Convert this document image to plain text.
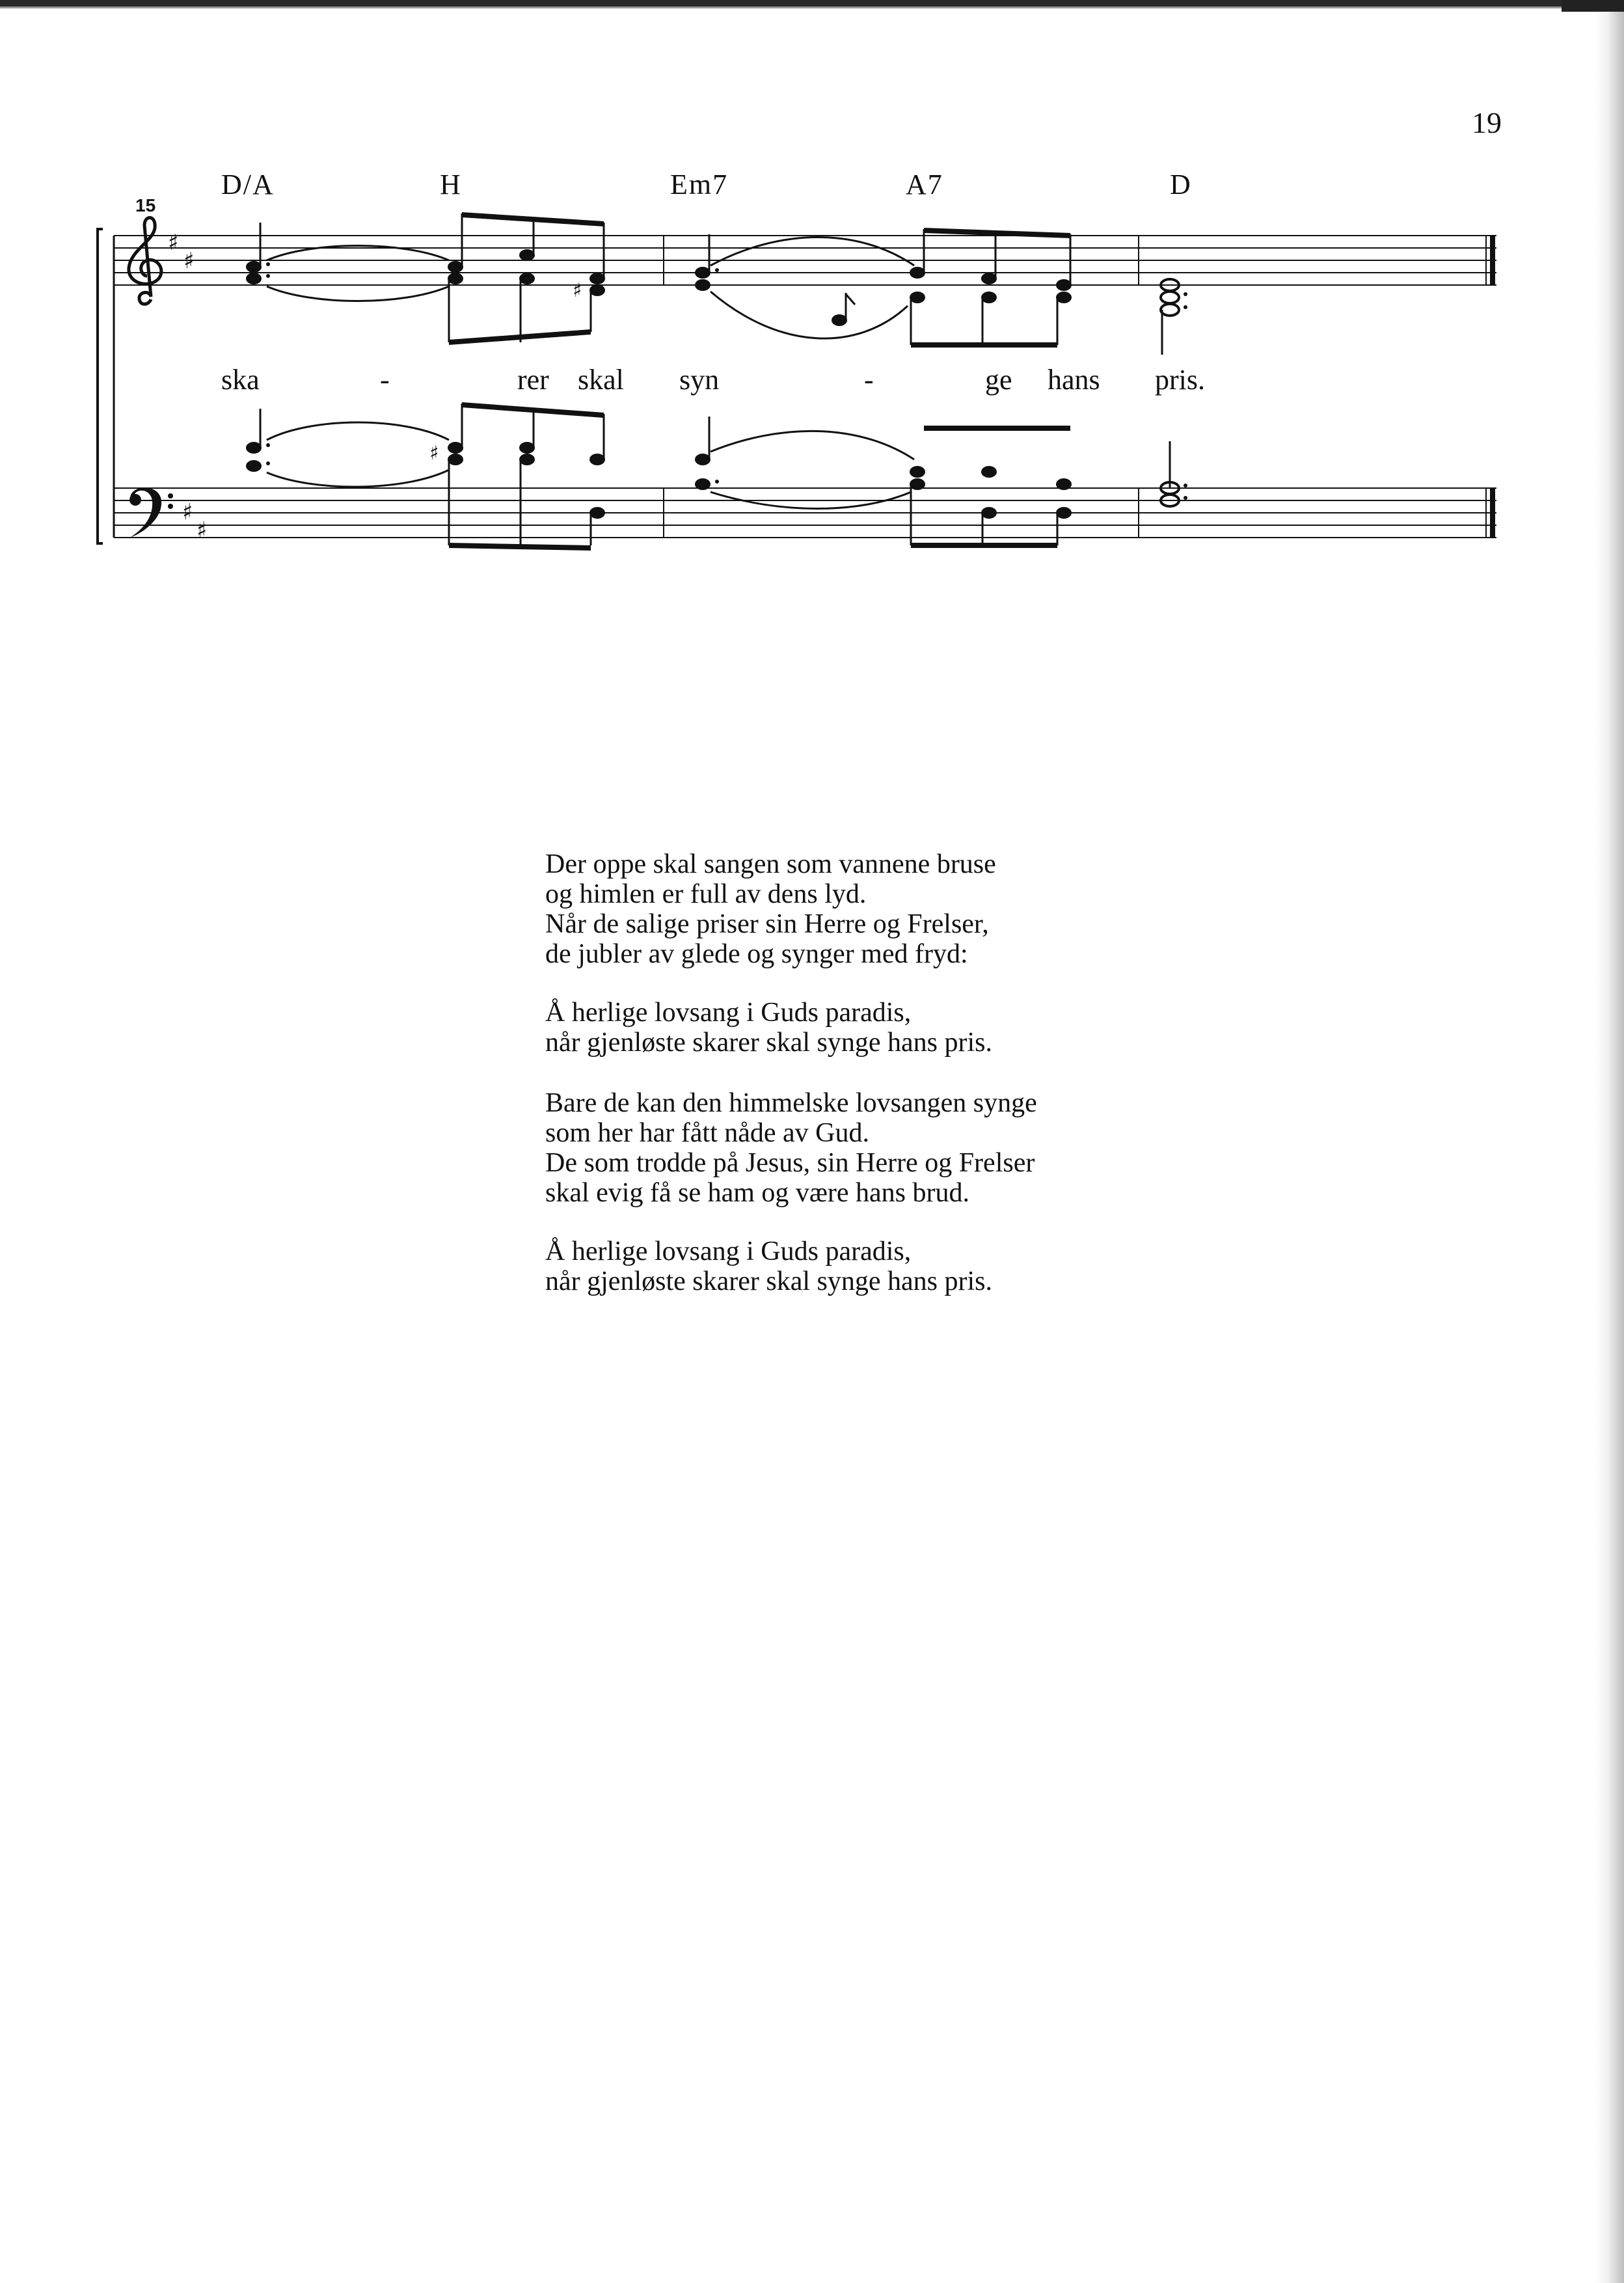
19
D/A	H	Em7	A7	D
15
ska	-	rer skal syn	-	ge hans pris.
♯
♯
♯
♯
♯
♯
Der oppe skal sangen som vannene bruse
og himlen er full av dens lyd.
Når de salige priser sin Herre og Frelser,
de jubler av glede og synger med fryd:
Å herlige lovsang i Guds paradis,
når gjenløste skarer skal synge hans pris.
Bare de kan den himmelske lovsangen synge
som her har fått nåde av Gud.
De som trodde på Jesus, sin Herre og Frelser
skal evig få se ham og være hans brud.
Å herlige lovsang i Guds paradis,
når gjenløste skarer skal synge hans pris.
